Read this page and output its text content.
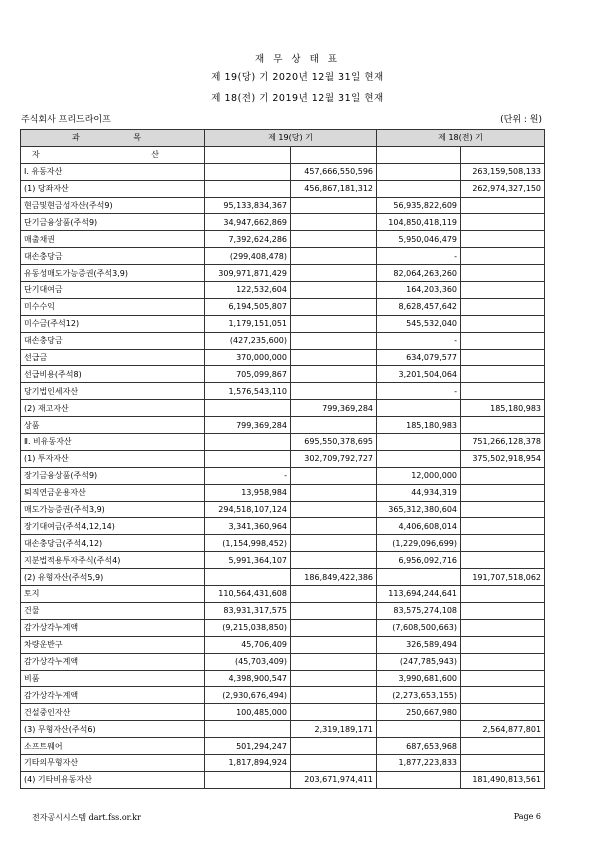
재 무 상 태 표
제 19(당) 기 2020년 12월 31일 현재
제 18(전) 기 2019년 12월 31일 현재
주식회사 프리드라이프	(단위 : 원)
과 목	제 19(당) 기		제 18(전) 기	

자 산				

Ⅰ. 유동자산		457,666,550,596		263,159,508,133
(1) 당좌자산		456,867,181,312		262,974,327,150
현금및현금성자산(주석9)	95,133,834,367		56,935,822,609	
단기금융상품(주석9)	34,947,662,869		104,850,418,119	
매출채권	7,392,624,286		5,950,046,479	
대손충당금	(299,408,478)		-	
유동성매도가능증권(주석3,9)	309,971,871,429		82,064,263,260	
단기대여금	122,532,604		164,203,360	
미수수익	6,194,505,807		8,628,457,642	
미수금(주석12)	1,179,151,051		545,532,040	
대손충당금	(427,235,600)		-	
선급금	370,000,000		634,079,577	
선급비용(주석8)	705,099,867		3,201,504,064	
당기법인세자산	1,576,543,110		-	
(2) 재고자산		799,369,284		185,180,983
상품	799,369,284		185,180,983	
Ⅱ. 비유동자산		695,550,378,695		751,266,128,378
(1) 투자자산		302,709,792,727		375,502,918,954
장기금융상품(주석9)	-		12,000,000	
퇴직연금운용자산	13,958,984		44,934,319	
매도가능증권(주석3,9)	294,518,107,124		365,312,380,604	
장기대여금(주석4,12,14)	3,341,360,964		4,406,608,014	
대손충당금(주석4,12)	(1,154,998,452)		(1,229,096,699)	
지분법적용투자주식(주석4)	5,991,364,107		6,956,092,716	
(2) 유형자산(주석5,9)		186,849,422,386		191,707,518,062
토지	110,564,431,608		113,694,244,641	
건물	83,931,317,575		83,575,274,108	
감가상각누계액	(9,215,038,850)		(7,608,500,663)	
차량운반구	45,706,409		326,589,494	
감가상각누계액	(45,703,409)		(247,785,943)	
비품	4,398,900,547		3,990,681,600	
감가상각누계액	(2,930,676,494)		(2,273,653,155)	
건설중인자산	100,485,000		250,667,980	
(3) 무형자산(주석6)		2,319,189,171		2,564,877,801
소프트웨어	501,294,247		687,653,968	
기타의무형자산	1,817,894,924		1,877,223,833	
(4) 기타비유동자산		203,671,974,411		181,490,813,561
전자공시시스템 dart.fss.or.kr	Page 6
